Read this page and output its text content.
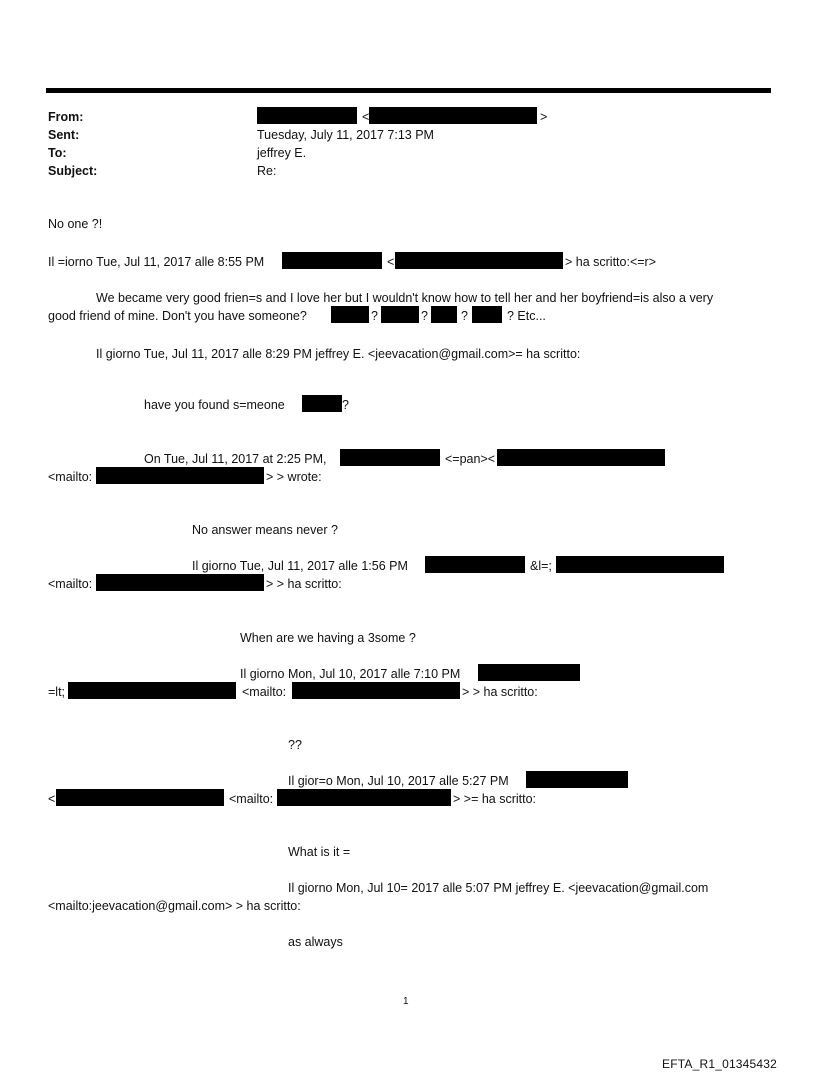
From:	<	>
Sent:	Tuesday, July 11, 2017 7:13 PM
To:	jeffrey E.
Subject:	Re:
No one ?!
Il =iorno Tue, Jul 11, 2017 alle 8:55 PM	<	> ha scritto:<=r>
We became very good frien=s and I love her but I wouldn't know how to tell her and her boyfriend=is also a very
good friend of mine. Don't you have someone?	?	?	?	? Etc...
Il giorno Tue, Jul 11, 2017 alle 8:29 PM jeffrey E. <jeevacation@gmail.com>= ha scritto:
have you found s=meone	?
On Tue, Jul 11, 2017 at 2:25 PM,	<=pan><
<mailto:	> > wrote:
No answer means never ?
Il giorno Tue, Jul 11, 2017 alle 1:56 PM	&l=;
<mailto:	> > ha scritto:
When are we having a 3some ?
Il giorno Mon, Jul 10, 2017 alle 7:10 PM
=lt;	<mailto:	> > ha scritto:
??
Il gior=o Mon, Jul 10, 2017 alle 5:27 PM
<	<mailto:	> >= ha scritto:
What is it =
Il giorno Mon, Jul 10= 2017 alle 5:07 PM jeffrey E. <jeevacation@gmail.com
<mailto:jeevacation@gmail.com> > ha scritto:
as always
1
EFTA_R1_01345432
